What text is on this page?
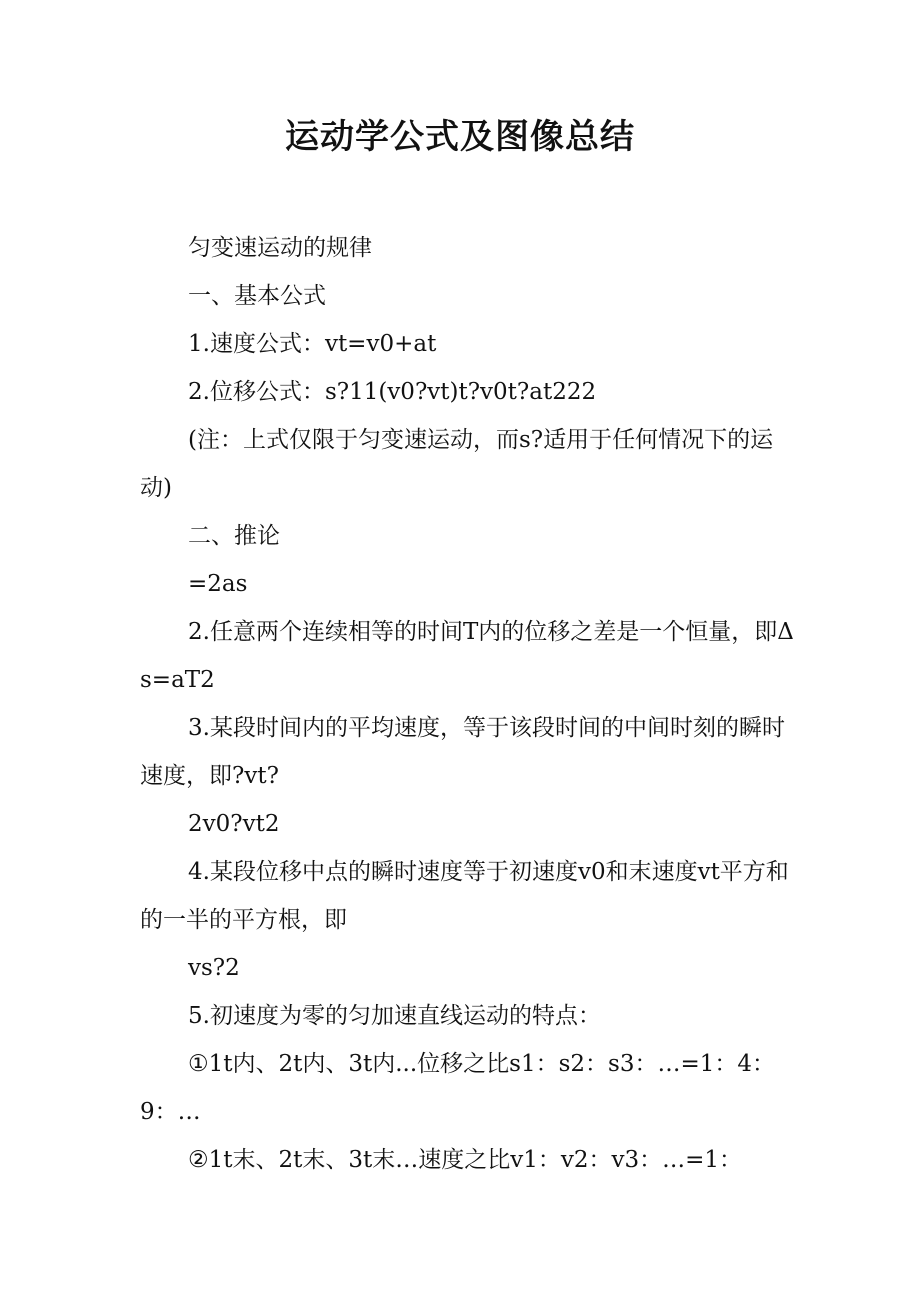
运动学公式及图像总结

匀变速运动的规律

一、基本公式

1.速度公式：vt=v0+at

2.位移公式：s?11(v0?vt)t?v0t?at222

(注：上式仅限于匀变速运动，而s?适用于任何情况下的运动)

二、推论

=2as

2.任意两个连续相等的时间T内的位移之差是一个恒量，即Δs=aT2

3.某段时间内的平均速度，等于该段时间的中间时刻的瞬时速度，即?vt?

2v0?vt2

4.某段位移中点的瞬时速度等于初速度v0和末速度vt平方和的一半的平方根，即

vs?2

5.初速度为零的匀加速直线运动的特点：

①1t内、2t内、3t内...位移之比s1：s2：s3：…=1：4：9：…

②1t末、2t末、3t末…速度之比v1：v2：v3：…=1：
